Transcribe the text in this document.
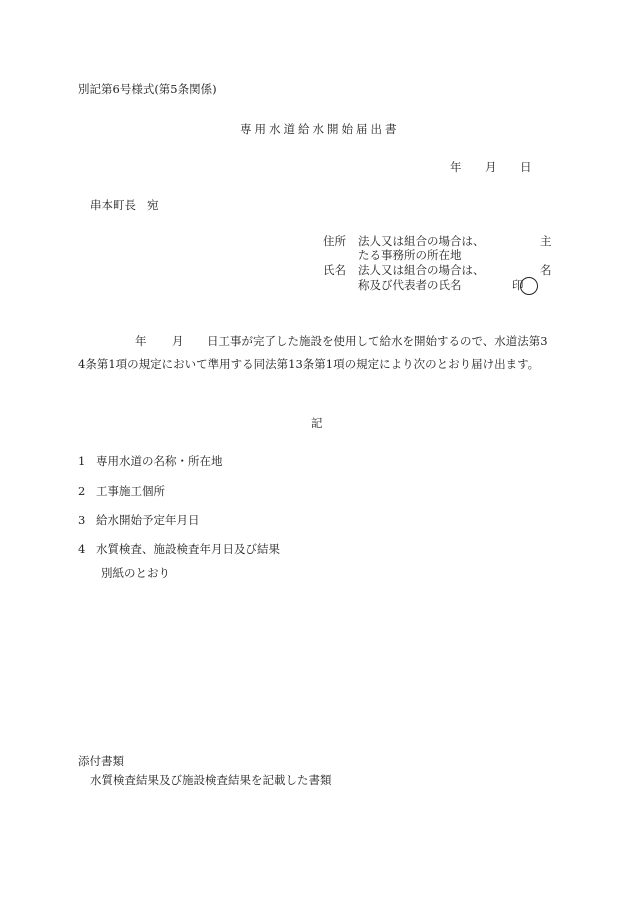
別記第6号様式(第5条関係)
専用水道給水開始届出書
年 月 日
串本町長 宛
住所 法人又は組合の場合は、	主
たる事務所の所在地
氏名 法人又は組合の場合は、	名
称及び代表者の氏名	印
年 月 日工事が完了した施設を使用して給水を開始するので、水道法第3
4条第1項の規定において準用する同法第13条第1項の規定により次のとおり届け出ます。
記
1 専用水道の名称・所在地
2 工事施工個所
3 給水開始予定年月日
4 水質検査、施設検査年月日及び結果
別紙のとおり
添付書類
水質検査結果及び施設検査結果を記載した書類
